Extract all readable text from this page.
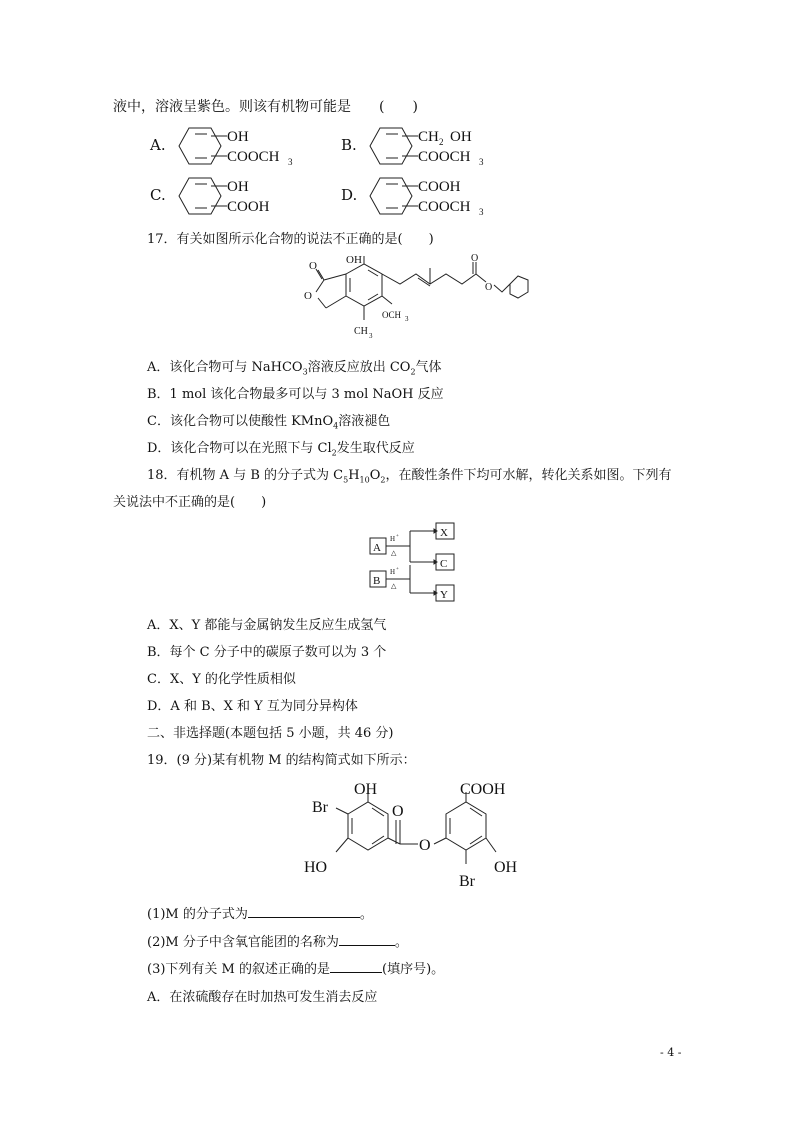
液中，溶液呈紫色。则该有机物可能是 (　　)
A.	OH
COOCH 3
B.	CH 2 OH
COOCH 3
C.	OH
COOH
D.	COOH
COOCH 3
17．有关如图所示化合物的说法不正确的是(　　)
O
O
OH
CH 3
OCH 3
O
O
A．该化合物可与 NaHCO$_3$溶液反应放出 $CO_2$气体
B．1 mol 该化合物最多可以与 3 mol NaOH 反应
C．该化合物可以使酸性 KMnO$_4$溶液褪色
D．该化合物可以在光照下与 $Cl_2$发生取代反应
18．有机物 A 与 B 的分子式为 $C_5H_{10}O_2$，在酸性条件下均可水解，转化关系如图。下列有
关说法中不正确的是(　　)
A
B
X
C
Y
H +
△
H +
△
A．X、Y 都能与金属钠发生反应生成氢气
B．每个 C 分子中的碳原子数可以为 3 个
C．X、Y 的化学性质相似
D．A 和 B、X 和 Y 互为同分异构体
二、非选择题(本题包括 5 小题，共 46 分)
19．(9 分)某有机物 M 的结构简式如下所示：
Br
OH
HO
O
O
COOH
Br
OH
(1)M 的分子式为	。
(2)M 分子中含氧官能团的名称为	。
(3)下列有关 M 的叙述正确的是	(填序号)。
A．在浓硫酸存在时加热可发生消去反应
- 4 -
